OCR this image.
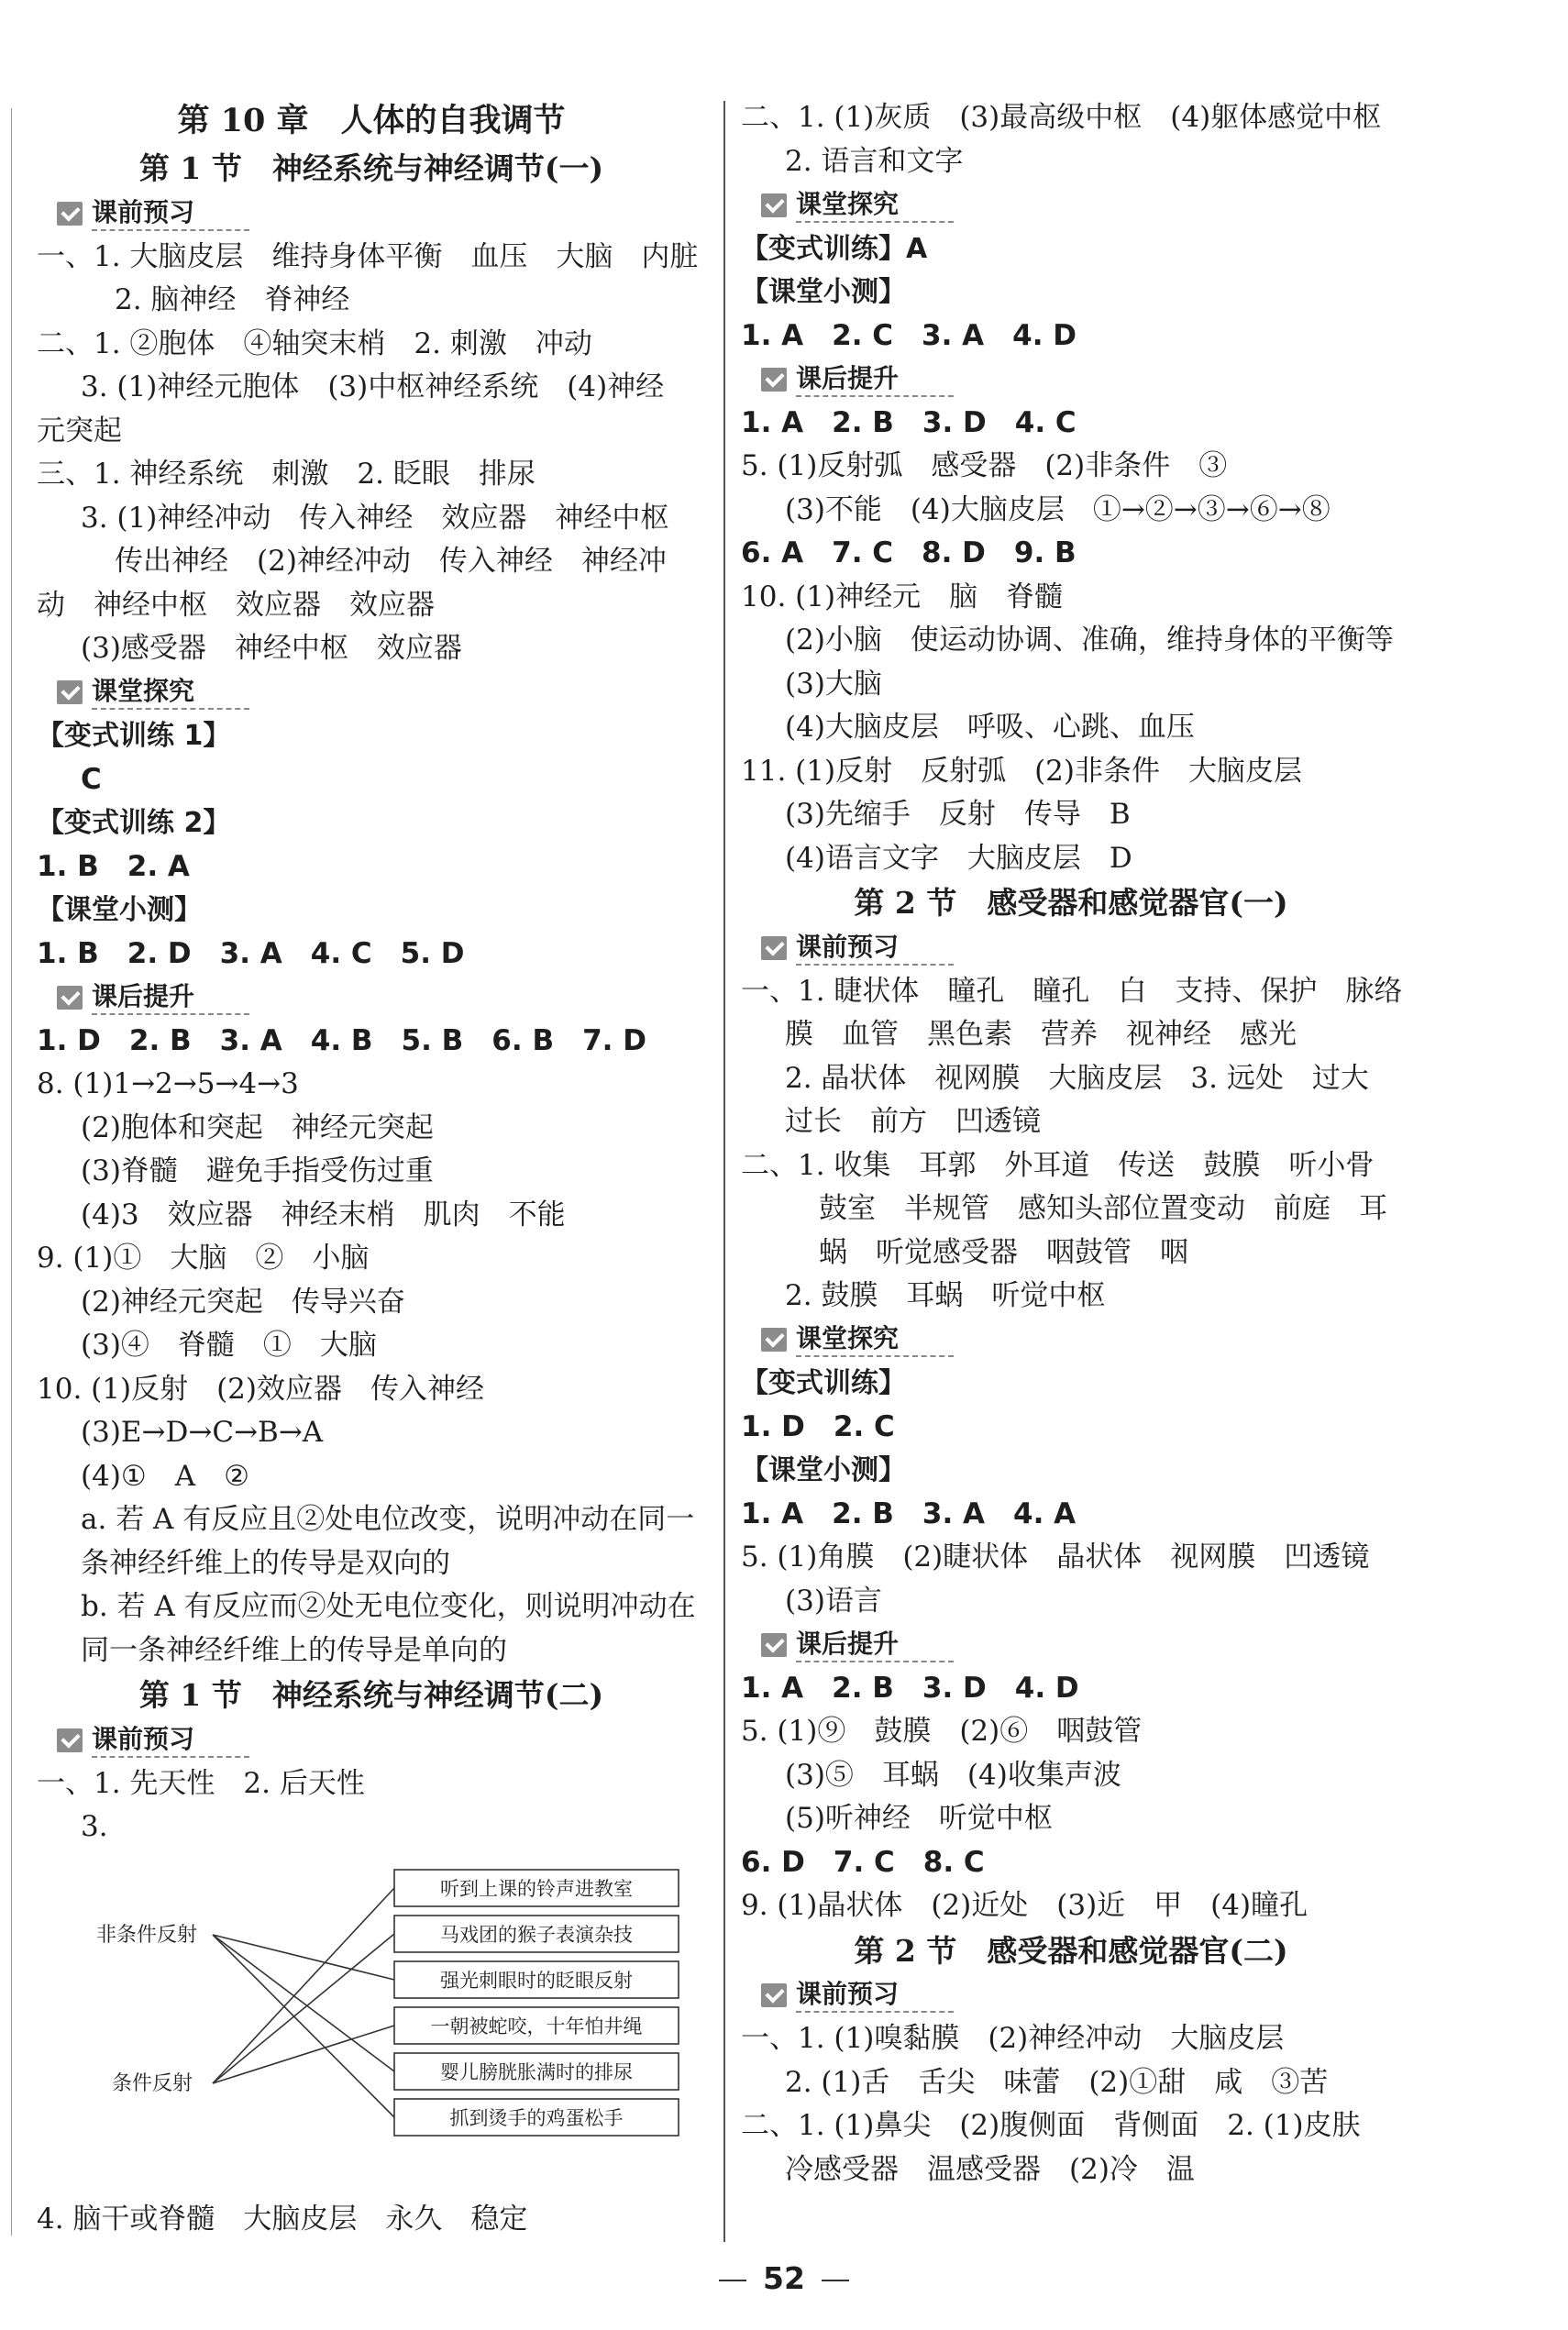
第 10 章　人体的自我调节
第 1 节　神经系统与神经调节(一)
课前预习
一、1. 大脑皮层　维持身体平衡　血压　大脑　内脏
2. 脑神经　脊神经
二、1. ②胞体　④轴突末梢　2. 刺激　冲动
3. (1)神经元胞体　(3)中枢神经系统　(4)神经
元突起
三、1. 神经系统　刺激　2. 眨眼　排尿
3. (1)神经冲动　传入神经　效应器　神经中枢
传出神经　(2)神经冲动　传入神经　神经冲
动　神经中枢　效应器　效应器
(3)感受器　神经中枢　效应器
课堂探究
【变式训练 1】
C
【变式训练 2】
1. B　2. A
【课堂小测】
1. B　2. D　3. A　4. C　5. D
课后提升
1. D　2. B　3. A　4. B　5. B　6. B　7. D
8. (1)1→2→5→4→3
(2)胞体和突起　神经元突起
(3)脊髓　避免手指受伤过重
(4)3　效应器　神经末梢　肌肉　不能
9. (1)①　大脑　②　小脑
(2)神经元突起　传导兴奋
(3)④　脊髓　①　大脑
10. (1)反射　(2)效应器　传入神经
(3)E→D→C→B→A
(4)①　A　②
a. 若 A 有反应且②处电位改变，说明冲动在同一
条神经纤维上的传导是双向的
b. 若 A 有反应而②处无电位变化，则说明冲动在
同一条神经纤维上的传导是单向的
第 1 节　神经系统与神经调节(二)
课前预习
一、1. 先天性　2. 后天性
3.
非条件反射
条件反射
听到上课的铃声进教室
马戏团的猴子表演杂技
强光刺眼时的眨眼反射
一朝被蛇咬，十年怕井绳
婴儿膀胱胀满时的排尿
抓到烫手的鸡蛋松手
4. 脑干或脊髓　大脑皮层　永久　稳定
二、1. (1)灰质　(3)最高级中枢　(4)躯体感觉中枢
2. 语言和文字
课堂探究
【变式训练】A
【课堂小测】
1. A　2. C　3. A　4. D
课后提升
1. A　2. B　3. D　4. C
5. (1)反射弧　感受器　(2)非条件　③
(3)不能　(4)大脑皮层　①→②→③→⑥→⑧
6. A　7. C　8. D　9. B
10. (1)神经元　脑　脊髓
(2)小脑　使运动协调、准确，维持身体的平衡等
(3)大脑
(4)大脑皮层　呼吸、心跳、血压
11. (1)反射　反射弧　(2)非条件　大脑皮层
(3)先缩手　反射　传导　B
(4)语言文字　大脑皮层　D
第 2 节　感受器和感觉器官(一)
课前预习
一、1. 睫状体　瞳孔　瞳孔　白　支持、保护　脉络
膜　血管　黑色素　营养　视神经　感光
2. 晶状体　视网膜　大脑皮层　3. 远处　过大
过长　前方　凹透镜
二、1. 收集　耳郭　外耳道　传送　鼓膜　听小骨
鼓室　半规管　感知头部位置变动　前庭　耳
蜗　听觉感受器　咽鼓管　咽
2. 鼓膜　耳蜗　听觉中枢
课堂探究
【变式训练】
1. D　2. C
【课堂小测】
1. A　2. B　3. A　4. A
5. (1)角膜　(2)睫状体　晶状体　视网膜　凹透镜
(3)语言
课后提升
1. A　2. B　3. D　4. D
5. (1)⑨　鼓膜　(2)⑥　咽鼓管
(3)⑤　耳蜗　(4)收集声波
(5)听神经　听觉中枢
6. D　7. C　8. C
9. (1)晶状体　(2)近处　(3)近　甲　(4)瞳孔
第 2 节　感受器和感觉器官(二)
课前预习
一、1. (1)嗅黏膜　(2)神经冲动　大脑皮层
2. (1)舌　舌尖　味蕾　(2)①甜　咸　③苦
二、1. (1)鼻尖　(2)腹侧面　背侧面　2. (1)皮肤
冷感受器　温感受器　(2)冷　温
52
